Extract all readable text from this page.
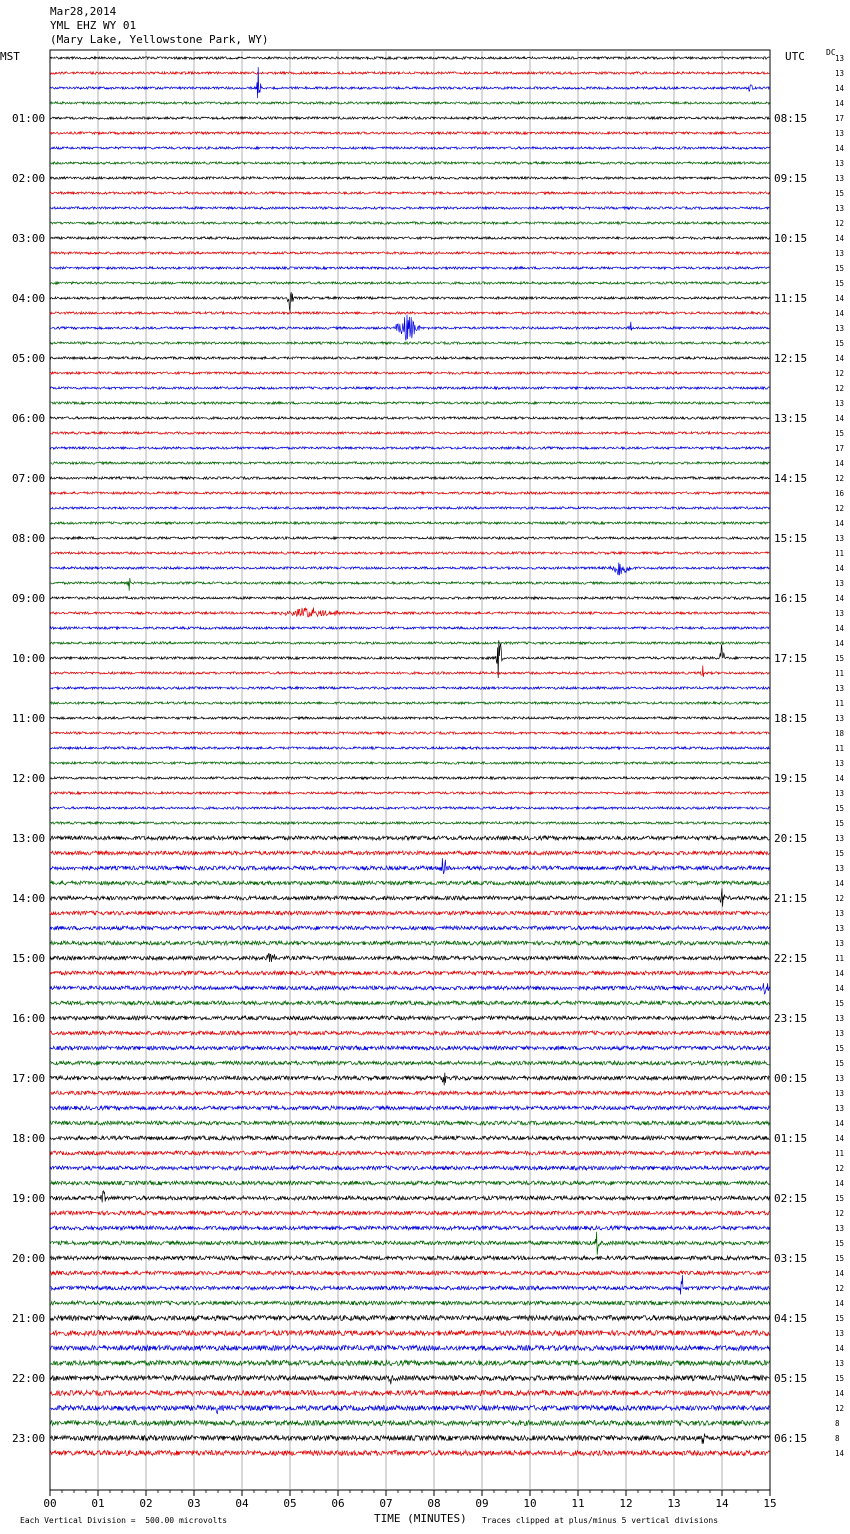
Mar28,2014
YML EHZ WY 01
(Mary Lake, Yellowstone Park, WY)
MST	UTC	DC
13
13
14
14
17
13
14
13
13
15
13
12
14
13
15
15
14
14
13
15
14
12
12
13
14
15
17
14
12
16
12
14
13
11
14
13
14
13
14
14
15
11
13
11
13
18
11
13
14
13
15
15
13
15
13
14
12
13
13
13
11
14
14
15
13
13
15
15
13
13
13
14
14
11
12
14
15
12
13
15
15
14
12
14
15
13
14
13
15
14
12
8
8
14
01:00
02:00
03:00
04:00
05:00
06:00
07:00
08:00
09:00
10:00
11:00
12:00
13:00
14:00
15:00
16:00
17:00
18:00
19:00
20:00
21:00
22:00
23:00
08:15
09:15
10:15
11:15
12:15
13:15
14:15
15:15
16:15
17:15
18:15
19:15
20:15
21:15
22:15
23:15
00:15
01:15
02:15
03:15
04:15
05:15
06:15
00	01	02	03	04	05	06	07	08	09	10	11	12	13	14	15
Each Vertical Division =  500.00 microvolts	TIME (MINUTES) Traces clipped at plus/minus 5 vertical divisions
